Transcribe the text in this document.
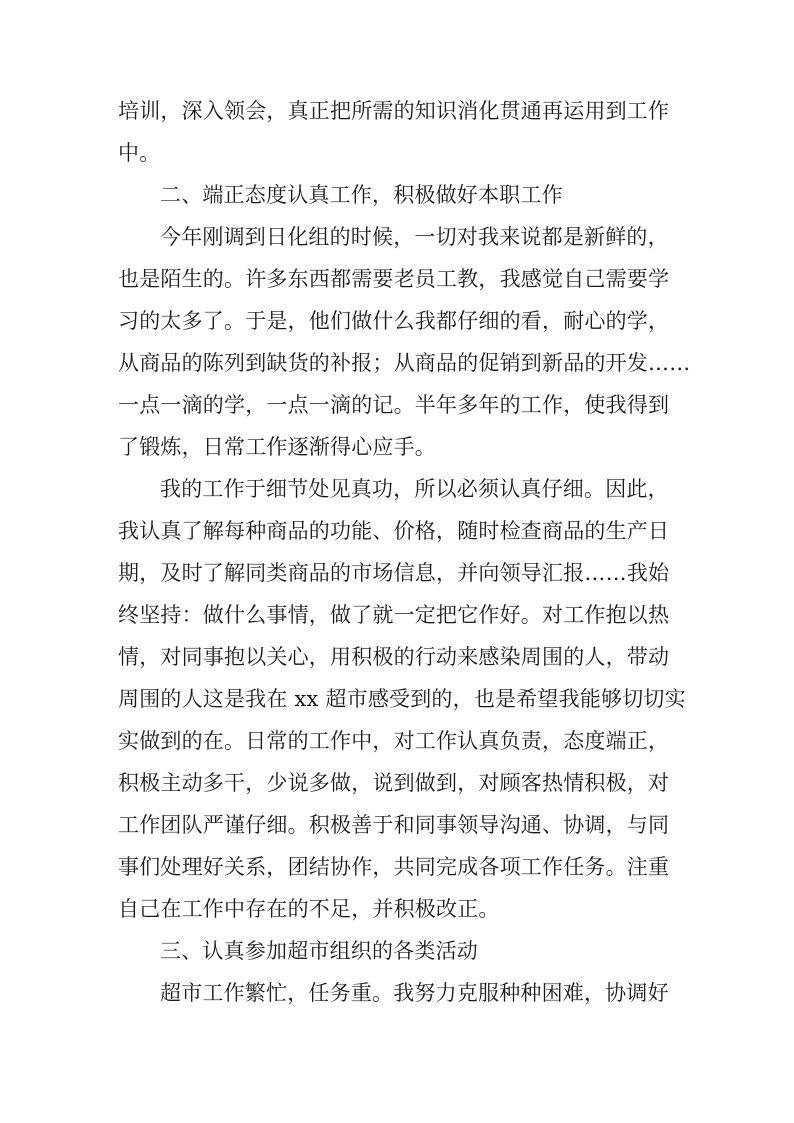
培训，深入领会，真正把所需的知识消化贯通再运用到工作
中。
二、端正态度认真工作，积极做好本职工作
今年刚调到日化组的时候，一切对我来说都是新鲜的，
也是陌生的。许多东西都需要老员工教，我感觉自己需要学
习的太多了。于是，他们做什么我都仔细的看，耐心的学，
从商品的陈列到缺货的补报；从商品的促销到新品的开发……
一点一滴的学，一点一滴的记。半年多年的工作，使我得到
了锻炼，日常工作逐渐得心应手。
我的工作于细节处见真功，所以必须认真仔细。因此，
我认真了解每种商品的功能、价格，随时检查商品的生产日
期，及时了解同类商品的市场信息，并向领导汇报……我始
终坚持：做什么事情，做了就一定把它作好。对工作抱以热
情，对同事抱以关心，用积极的行动来感染周围的人，带动
周围的人这是我在 xx 超市感受到的，也是希望我能够切切实
实做到的在。日常的工作中，对工作认真负责，态度端正，
积极主动多干，少说多做，说到做到，对顾客热情积极，对
工作团队严谨仔细。积极善于和同事领导沟通、协调，与同
事们处理好关系，团结协作，共同完成各项工作任务。注重
自己在工作中存在的不足，并积极改正。
三、认真参加超市组织的各类活动
超市工作繁忙，任务重。我努力克服种种困难，协调好
